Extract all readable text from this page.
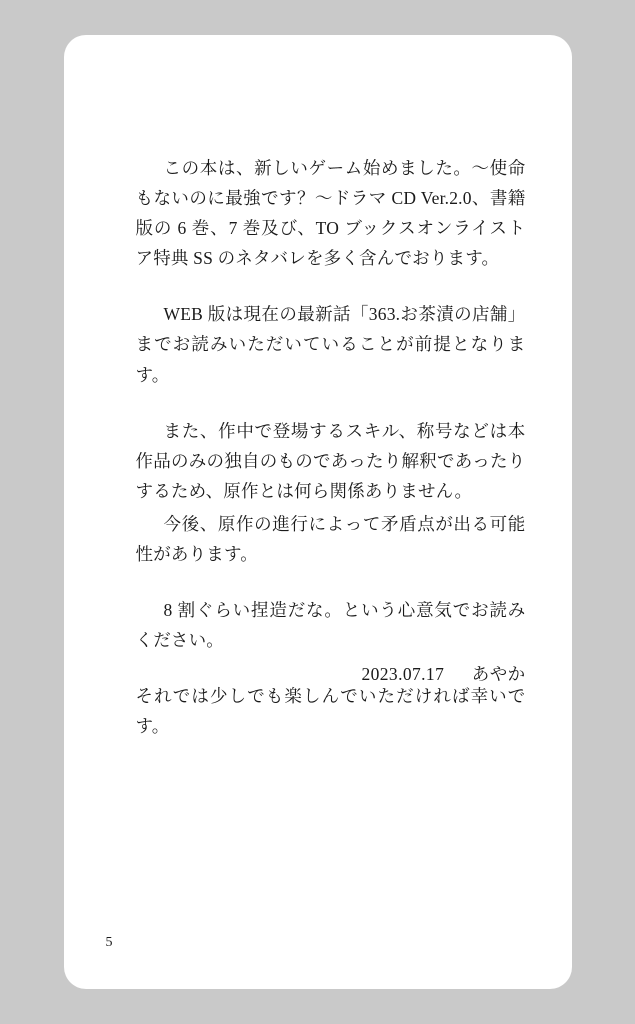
この本は、新しいゲーム始めました。〜使命もないのに最強です？〜ドラマ CD Ver.2.0、書籍版の 6 巻、7 巻及び、TO ブックスオンライストア特典 SS のネタバレを多く含んでおります。

WEB 版は現在の最新話「363.お茶漬の店舗」までお読みいただいていることが前提となります。

また、作中で登場するスキル、称号などは本作品のみの独自のものであったり解釈であったりするため、原作とは何ら関係ありません。

今後、原作の進行によって矛盾点が出る可能性があります。

8 割ぐらい捏造だな。という心意気でお読みください。

それでは少しでも楽しんでいただければ幸いです。

2023.07.17 あやか
5
